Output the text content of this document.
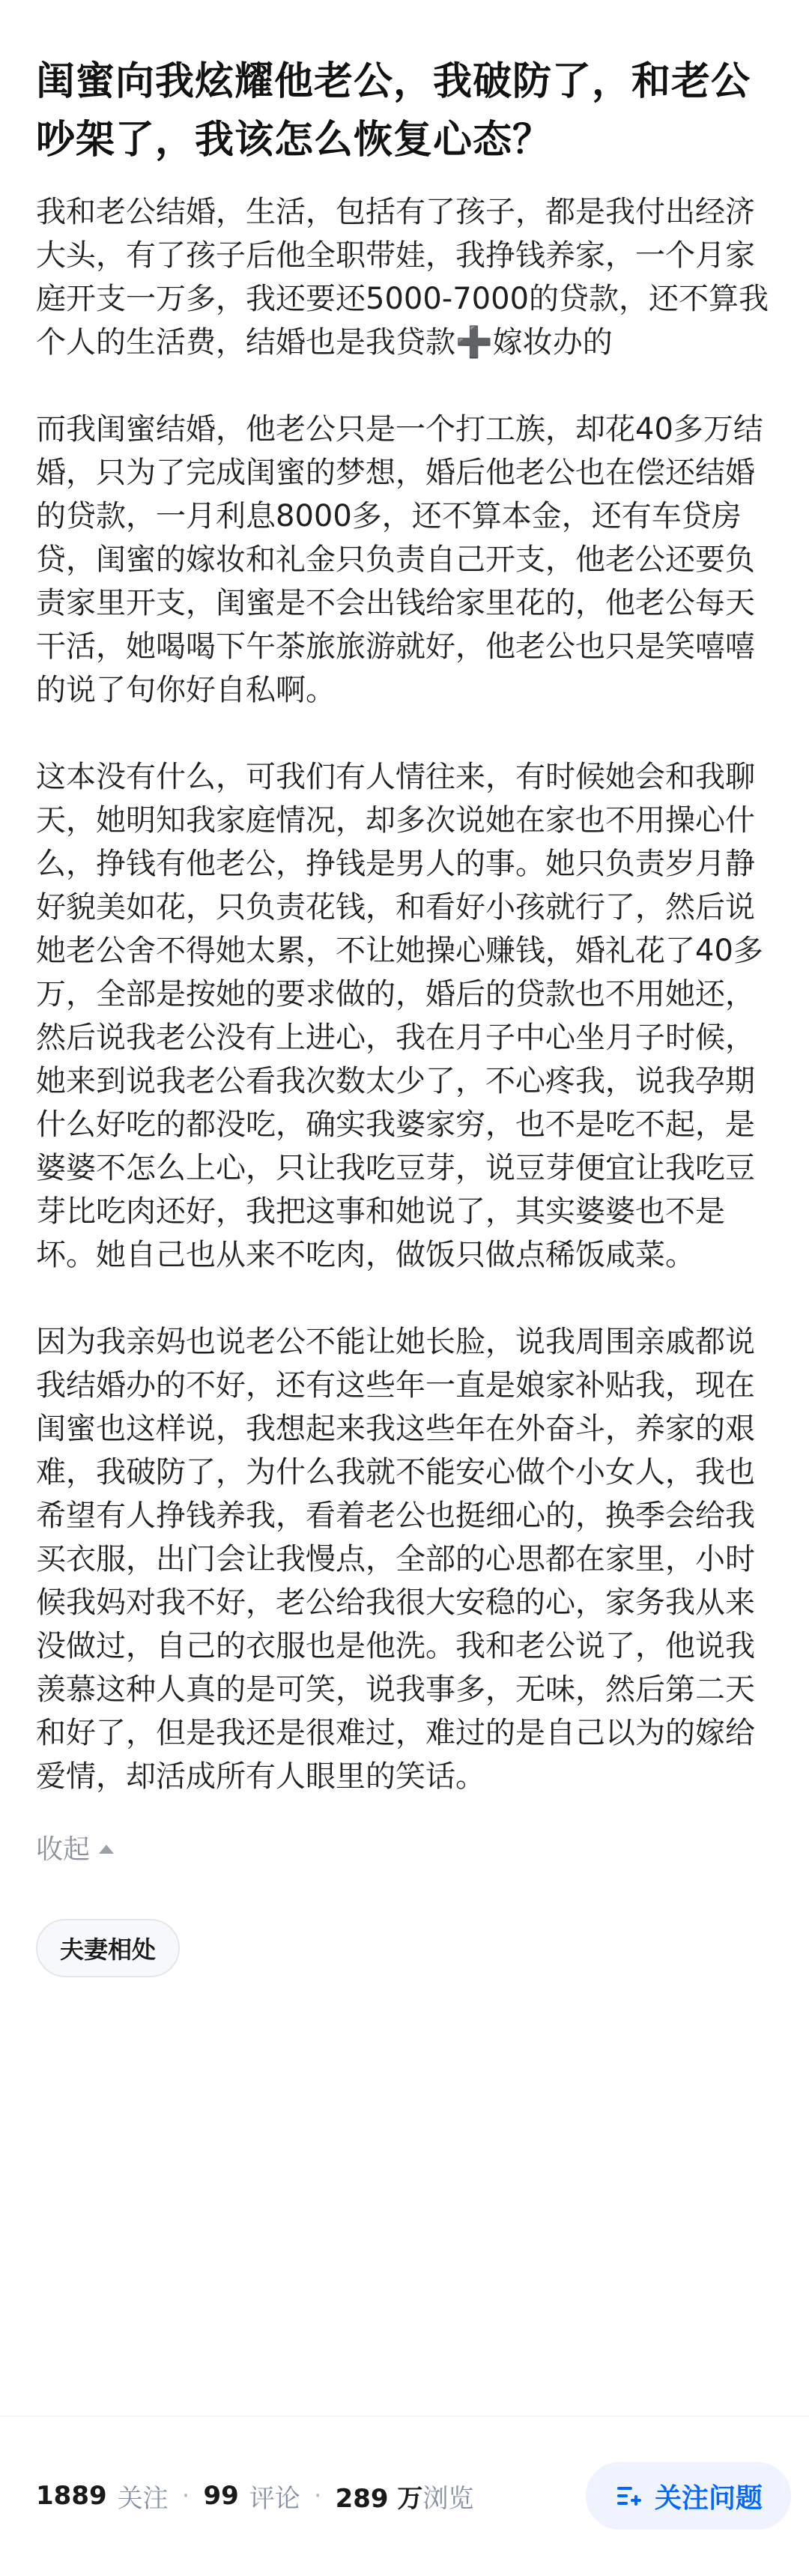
闺蜜向我炫耀他老公，我破防了，和老公吵架了，我该怎么恢复心态？

我和老公结婚，生活，包括有了孩子，都是我付出经济大头，有了孩子后他全职带娃，我挣钱养家，一个月家庭开支一万多，我还要还5000-7000的贷款，还不算我个人的生活费，结婚也是我贷款➕嫁妆办的

而我闺蜜结婚，他老公只是一个打工族，却花40多万结婚，只为了完成闺蜜的梦想，婚后他老公也在偿还结婚的贷款，一月利息8000多，还不算本金，还有车贷房贷，闺蜜的嫁妆和礼金只负责自己开支，他老公还要负责家里开支，闺蜜是不会出钱给家里花的，他老公每天干活，她喝喝下午茶旅旅游就好，他老公也只是笑嘻嘻的说了句你好自私啊。

这本没有什么，可我们有人情往来，有时候她会和我聊天，她明知我家庭情况，却多次说她在家也不用操心什么，挣钱有他老公，挣钱是男人的事。她只负责岁月静好貌美如花，只负责花钱，和看好小孩就行了，然后说她老公舍不得她太累，不让她操心赚钱，婚礼花了40多万，全部是按她的要求做的，婚后的贷款也不用她还，然后说我老公没有上进心，我在月子中心坐月子时候，她来到说我老公看我次数太少了，不心疼我，说我孕期什么好吃的都没吃，确实我婆家穷，也不是吃不起，是婆婆不怎么上心，只让我吃豆芽，说豆芽便宜让我吃豆芽比吃肉还好，我把这事和她说了，其实婆婆也不是坏。她自己也从来不吃肉，做饭只做点稀饭咸菜。

因为我亲妈也说老公不能让她长脸，说我周围亲戚都说我结婚办的不好，还有这些年一直是娘家补贴我，现在闺蜜也这样说，我想起来我这些年在外奋斗，养家的艰难，我破防了，为什么我就不能安心做个小女人，我也希望有人挣钱养我，看着老公也挺细心的，换季会给我买衣服，出门会让我慢点，全部的心思都在家里，小时候我妈对我不好，老公给我很大安稳的心，家务我从来没做过，自己的衣服也是他洗。我和老公说了，他说我羡慕这种人真的是可笑，说我事多，无味，然后第二天和好了，但是我还是很难过，难过的是自己以为的嫁给爱情，却活成所有人眼里的笑话。

收起
夫妻相处
1889 关注 · 99 评论 · 289 万 浏览	关注问题
